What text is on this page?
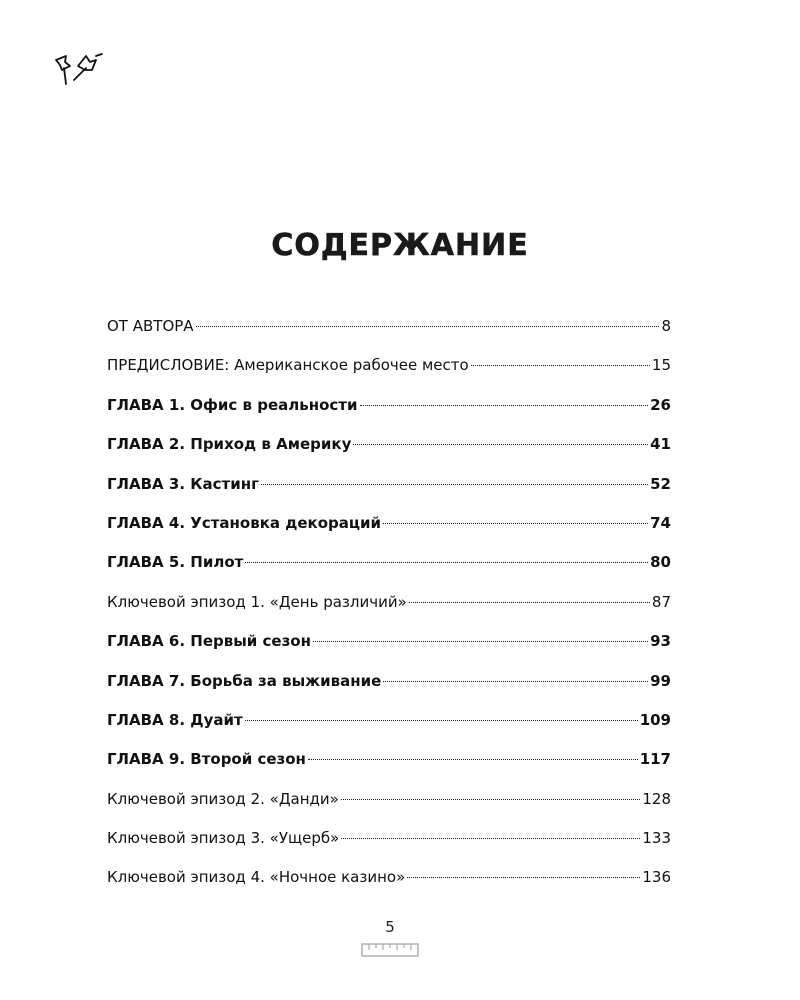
СОДЕРЖАНИЕ
ОТ АВТОРА	8
ПРЕДИСЛОВИЕ: Американское рабочее место	15
ГЛАВА 1. Офис в реальности	26
ГЛАВА 2. Приход в Америку	41
ГЛАВА 3. Кастинг	52
ГЛАВА 4. Установка декораций	74
ГЛАВА 5. Пилот	80
Ключевой эпизод 1. «День различий»	87
ГЛАВА 6. Первый сезон	93
ГЛАВА 7. Борьба за выживание	99
ГЛАВА 8. Дуайт	109
ГЛАВА 9. Второй сезон	117
Ключевой эпизод 2. «Данди»	128
Ключевой эпизод 3. «Ущерб»	133
Ключевой эпизод 4. «Ночное казино»	136
5
